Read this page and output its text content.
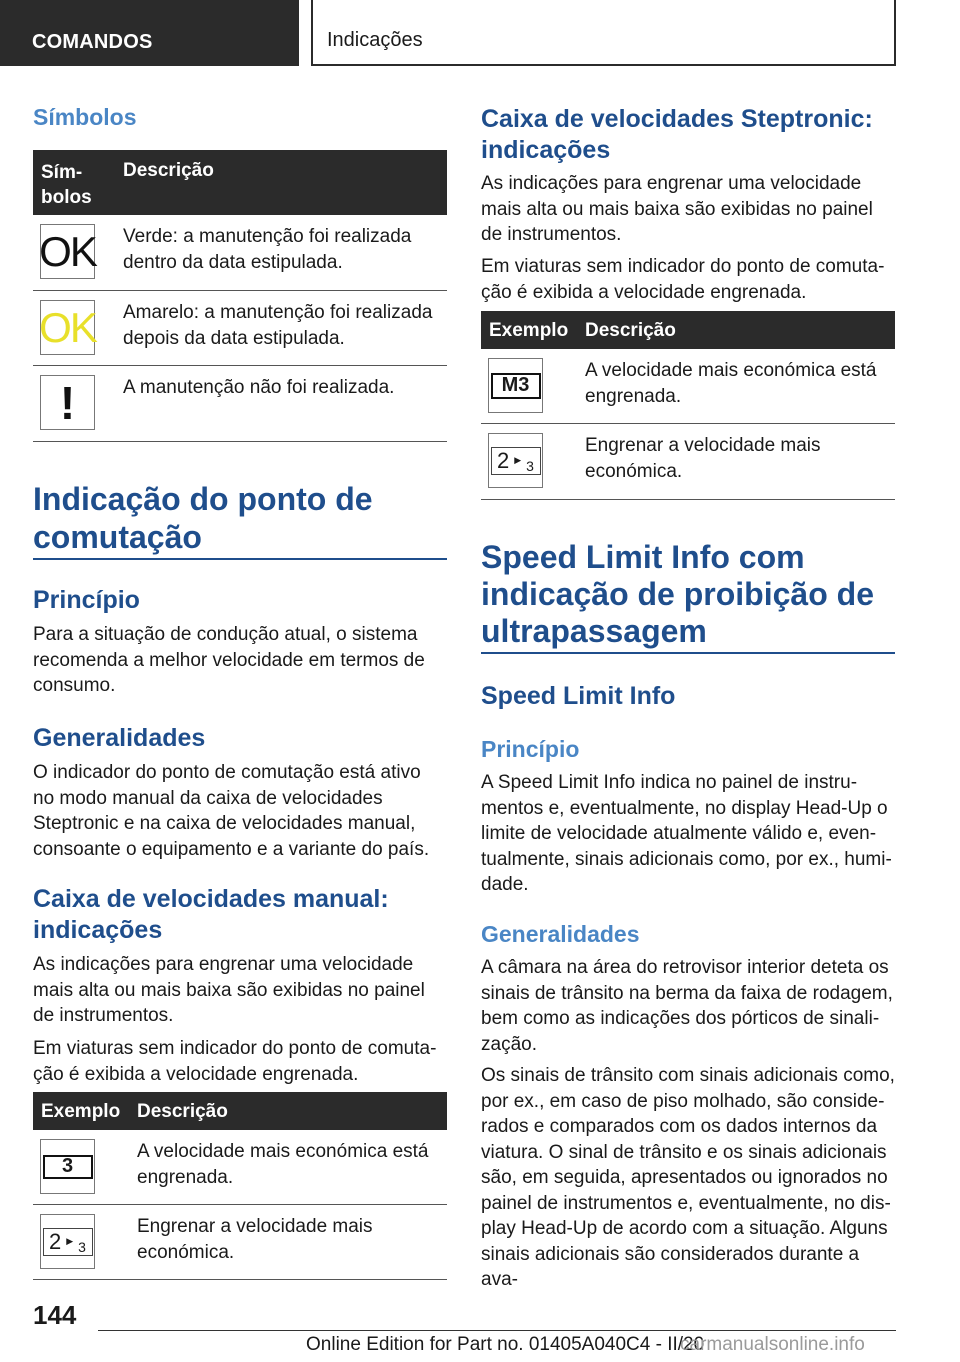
COMANDOS	Indicações
Símbolos
Sím-
bolos
Descrição
OK Verde: a manutenção foi realizada dentro da data estipulada.
OK Amarelo: a manutenção foi realizada depois da data estipulada.
!	A manutenção não foi realizada.
Indicação do ponto de comutação
Princípio
Para a situação de condução atual, o sistema recomenda a melhor velocidade em termos de consumo.
Generalidades
O indicador do ponto de comutação está ativo no modo manual da caixa de velocidades Steptronic e na caixa de velocidades manual, consoante o equipamento e a variante do país.
Caixa de velocidades manual: indicações
As indicações para engrenar uma velocidade mais alta ou mais baixa são exibidas no painel de instrumentos.
Em viaturas sem indicador do ponto de comutação é exibida a velocidade engrenada.
Exemplo Descrição
3
A velocidade mais económica está engrenada.
2 ▶ 3
Engrenar a velocidade mais económica.
Caixa de velocidades Steptronic: indicações
As indicações para engrenar uma velocidade mais alta ou mais baixa são exibidas no painel de instrumentos.
Em viaturas sem indicador do ponto de comutação é exibida a velocidade engrenada.
Exemplo Descrição
M3
A velocidade mais económica está engrenada.
2 ▶ 3
Engrenar a velocidade mais económica.
Speed Limit Info com indicação de proibição de ultrapassagem
Speed Limit Info
Princípio
A Speed Limit Info indica no painel de instrumentos e, eventualmente, no display Head-Up o limite de velocidade atualmente válido e, eventualmente, sinais adicionais como, por ex., humidade.
Generalidades
A câmara na área do retrovisor interior deteta os sinais de trânsito na berma da faixa de rodagem, bem como as indicações dos pórticos de sinalização.
Os sinais de trânsito com sinais adicionais como, por ex., em caso de piso molhado, são considerados e comparados com os dados internos da viatura. O sinal de trânsito e os sinais adicionais são, em seguida, apresentados ou ignorados no painel de instrumentos e, eventualmente, no display Head-Up de acordo com a situação. Alguns sinais adicionais são considerados durante a ava-
144
Online Edition for Part no. 01405A040C4 - II/20
carmanualsonline.info
